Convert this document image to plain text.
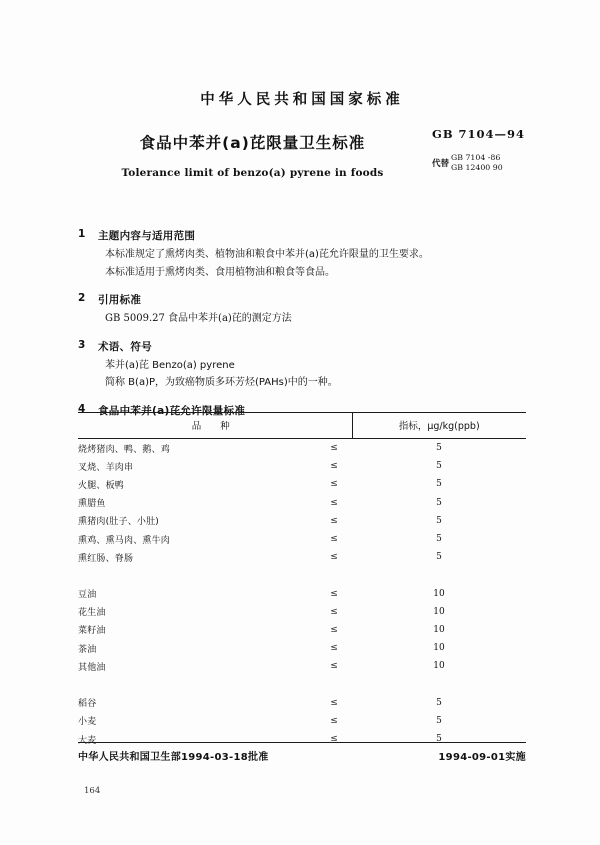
中华人民共和国国家标准
食品中苯并(a)芘限量卫生标准
Tolerance limit of benzo(a) pyrene in foods
GB 7104—94
代替
GB 7104 -86
GB 12400 90
1	主题内容与适用范围

本标准规定了熏烤肉类、植物油和粮食中苯并(a)芘允许限量的卫生要求。

本标准适用于熏烤肉类、食用植物油和粮食等食品。

2	引用标准

GB 5009.27 食品中苯并(a)芘的测定方法

3	术语、符号

苯并(a)芘 Benzo(a) pyrene

简称 B(a)P，为致癌物质多环芳烃(PAHs)中的一种。

4	食品中苯并(a)芘允许限量标准
品 种		指标，μg/kg(ppb)
烧烤猪肉、鸭、鹅、鸡	≤	5
叉烧、羊肉串	≤	5
火腿、板鸭	≤	5
熏腊鱼	≤	5
熏猪肉(肚子、小肚)	≤	5
熏鸡、熏马肉、熏牛肉	≤	5
熏红肠、脊肠	≤	5

豆油	≤	10
花生油	≤	10
菜籽油	≤	10
茶油	≤	10
其他油	≤	10

稻谷	≤	5
小麦	≤	5
大麦	≤	5
中华人民共和国卫生部1994-03-18批准	1994-09-01实施
164
